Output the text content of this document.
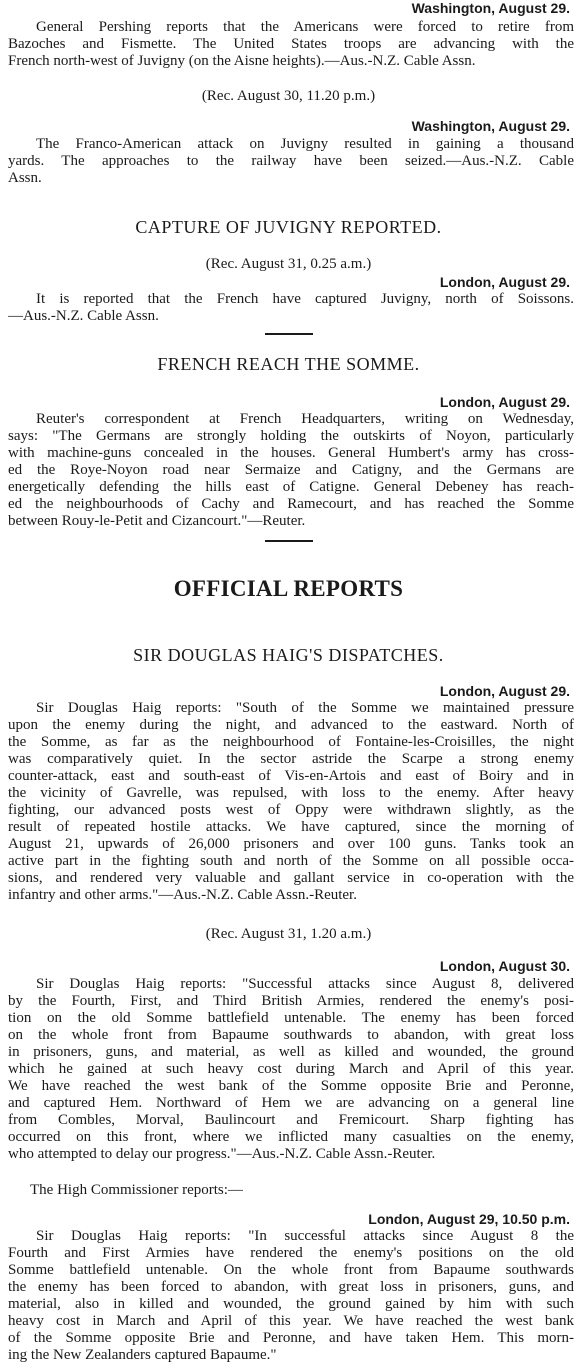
Washington, August 29.
General Pershing reports that the Americans were forced to retire from
Bazoches and Fismette. The United States troops are advancing with the
French north-west of Juvigny (on the Aisne heights).—Aus.-N.Z. Cable Assn.
(Rec. August 30, 11.20 p.m.)
Washington, August 29.
The Franco-American attack on Juvigny resulted in gaining a thousand
yards. The approaches to the railway have been seized.—Aus.-N.Z. Cable
Assn.
CAPTURE OF JUVIGNY REPORTED.
(Rec. August 31, 0.25 a.m.)
London, August 29.
It is reported that the French have captured Juvigny, north of Soissons.
—Aus.-N.Z. Cable Assn.
FRENCH REACH THE SOMME.
London, August 29.
Reuter's correspondent at French Headquarters, writing on Wednesday,
says: "The Germans are strongly holding the outskirts of Noyon, particularly
with machine-guns concealed in the houses. General Humbert's army has cross-
ed the Roye-Noyon road near Sermaize and Catigny, and the Germans are
energetically defending the hills east of Catigne. General Debeney has reach-
ed the neighbourhoods of Cachy and Ramecourt, and has reached the Somme
between Rouy-le-Petit and Cizancourt."—Reuter.
OFFICIAL REPORTS
SIR DOUGLAS HAIG'S DISPATCHES.
London, August 29.
Sir Douglas Haig reports: "South of the Somme we maintained pressure
upon the enemy during the night, and advanced to the eastward. North of
the Somme, as far as the neighbourhood of Fontaine-les-Croisilles, the night
was comparatively quiet. In the sector astride the Scarpe a strong enemy
counter-attack, east and south-east of Vis-en-Artois and east of Boiry and in
the vicinity of Gavrelle, was repulsed, with loss to the enemy. After heavy
fighting, our advanced posts west of Oppy were withdrawn slightly, as the
result of repeated hostile attacks. We have captured, since the morning of
August 21, upwards of 26,000 prisoners and over 100 guns. Tanks took an
active part in the fighting south and north of the Somme on all possible occa-
sions, and rendered very valuable and gallant service in co-operation with the
infantry and other arms."—Aus.-N.Z. Cable Assn.-Reuter.
(Rec. August 31, 1.20 a.m.)
London, August 30.
Sir Douglas Haig reports: "Successful attacks since August 8, delivered
by the Fourth, First, and Third British Armies, rendered the enemy's posi-
tion on the old Somme battlefield untenable. The enemy has been forced
on the whole front from Bapaume southwards to abandon, with great loss
in prisoners, guns, and material, as well as killed and wounded, the ground
which he gained at such heavy cost during March and April of this year.
We have reached the west bank of the Somme opposite Brie and Peronne,
and captured Hem. Northward of Hem we are advancing on a general line
from Combles, Morval, Baulincourt and Fremicourt. Sharp fighting has
occurred on this front, where we inflicted many casualties on the enemy,
who attempted to delay our progress."—Aus.-N.Z. Cable Assn.-Reuter.
The High Commissioner reports:—
London, August 29, 10.50 p.m.
Sir Douglas Haig reports: "In successful attacks since August 8 the
Fourth and First Armies have rendered the enemy's positions on the old
Somme battlefield untenable. On the whole front from Bapaume southwards
the enemy has been forced to abandon, with great loss in prisoners, guns, and
material, also in killed and wounded, the ground gained by him with such
heavy cost in March and April of this year. We have reached the west bank
of the Somme opposite Brie and Peronne, and have taken Hem. This morn-
ing the New Zealanders captured Bapaume."
